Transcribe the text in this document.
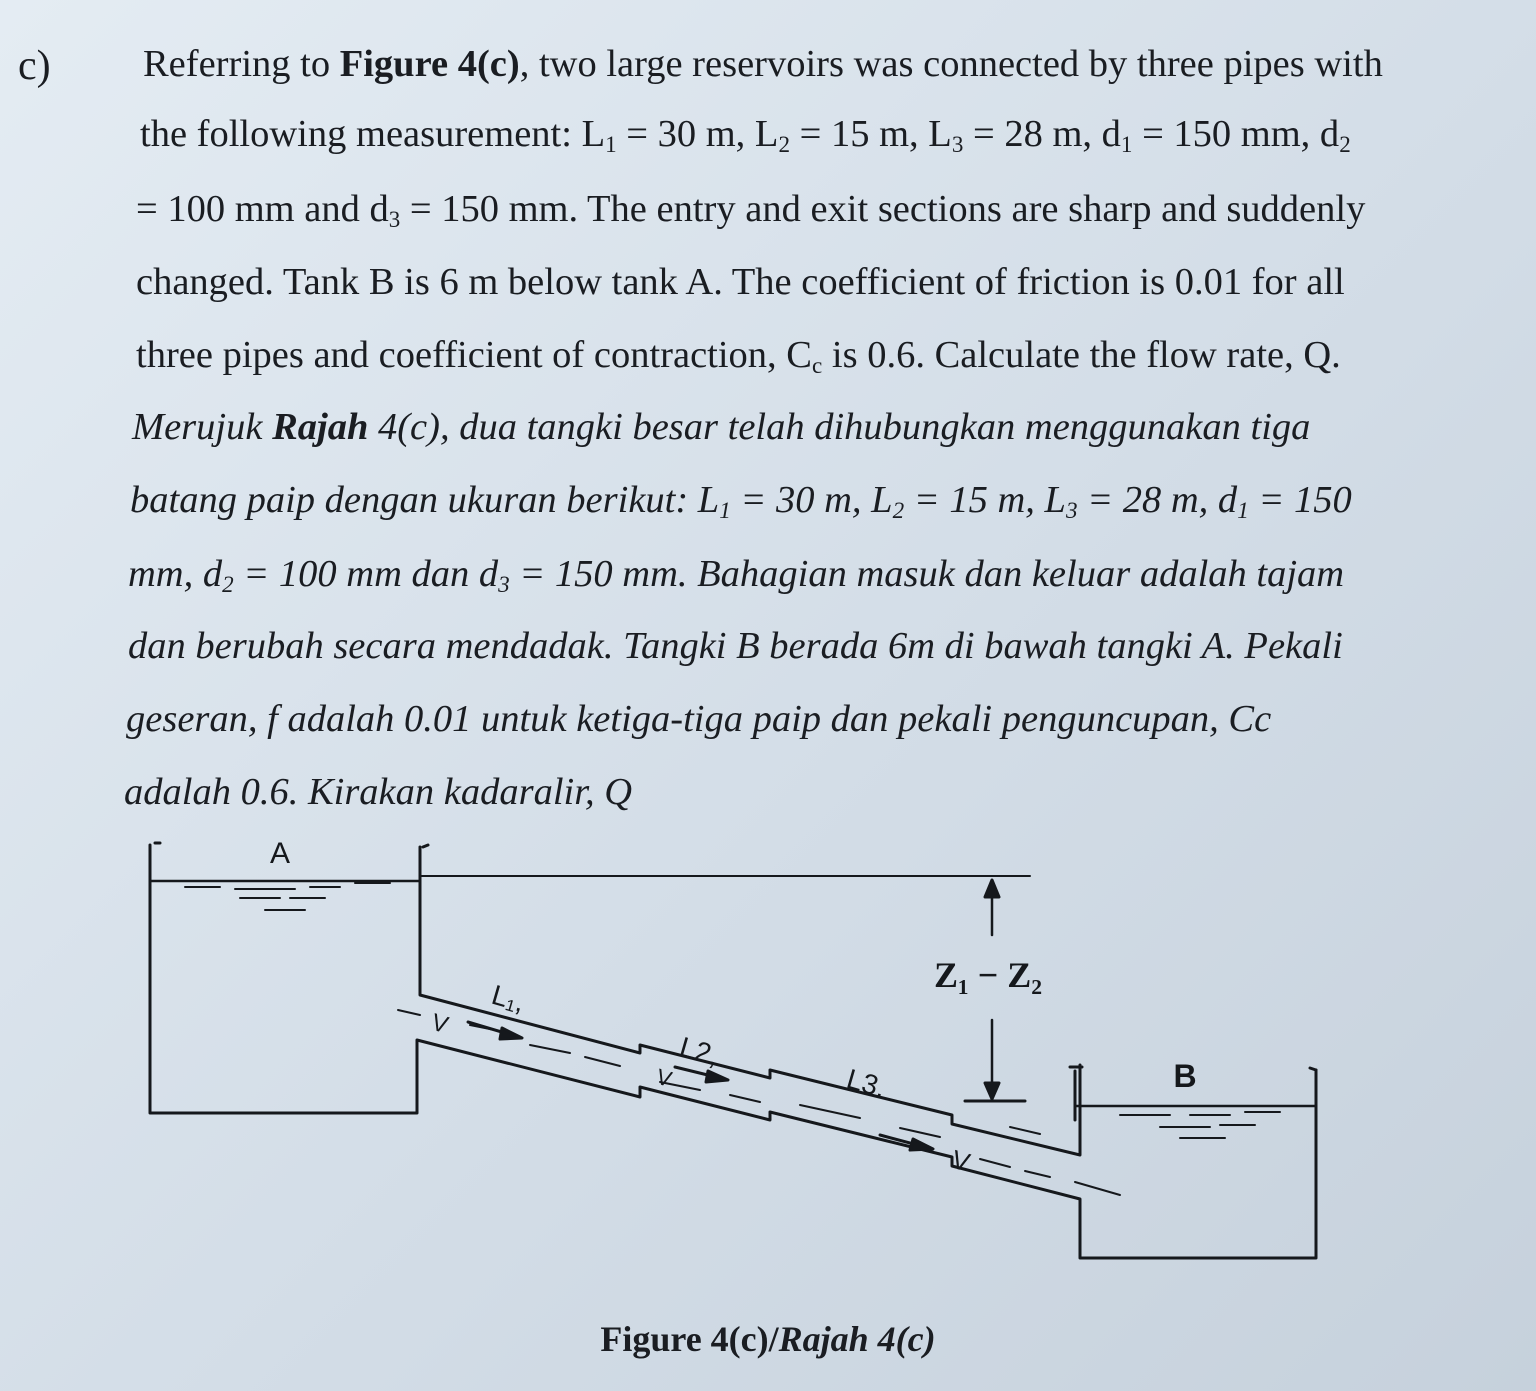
c) Referring to Figure 4(c), two large reservoirs was connected by three pipes with
the following measurement: $L_1 = 30$ m, $L_2 = 15$ m, $L_3 = 28$ m, $d_1 = 150$ mm, $d_2$
= 100 mm and $d_3 = 150$ mm. The entry and exit sections are sharp and suddenly
changed. Tank B is 6 m below tank A. The coefficient of friction is 0.01 for all
three pipes and coefficient of contraction, $C_c$ is 0.6. Calculate the flow rate, Q.
Merujuk Rajah 4(c), dua tangki besar telah dihubungkan menggunakan tiga
batang paip dengan ukuran berikut: $L_1 = 30$ m, $L_2 = 15$ m, $L_3 = 28$ m, $d_1 = 150$
mm, $d_2 = 100$ mm dan $d_3 = 150$ mm. Bahagian masuk dan keluar adalah tajam
dan berubah secara mendadak. Tangki B berada 6m di bawah tangki A. Pekali
geseran, f adalah 0.01 untuk ketiga-tiga paip dan pekali penguncupan, Cc
adalah 0.6. Kirakan kadaralir, Q
A
B
Z₁ − Z₂
L₁,
L2,
L3.
V
V
V
Figure 4(c)/Rajah 4(c)
